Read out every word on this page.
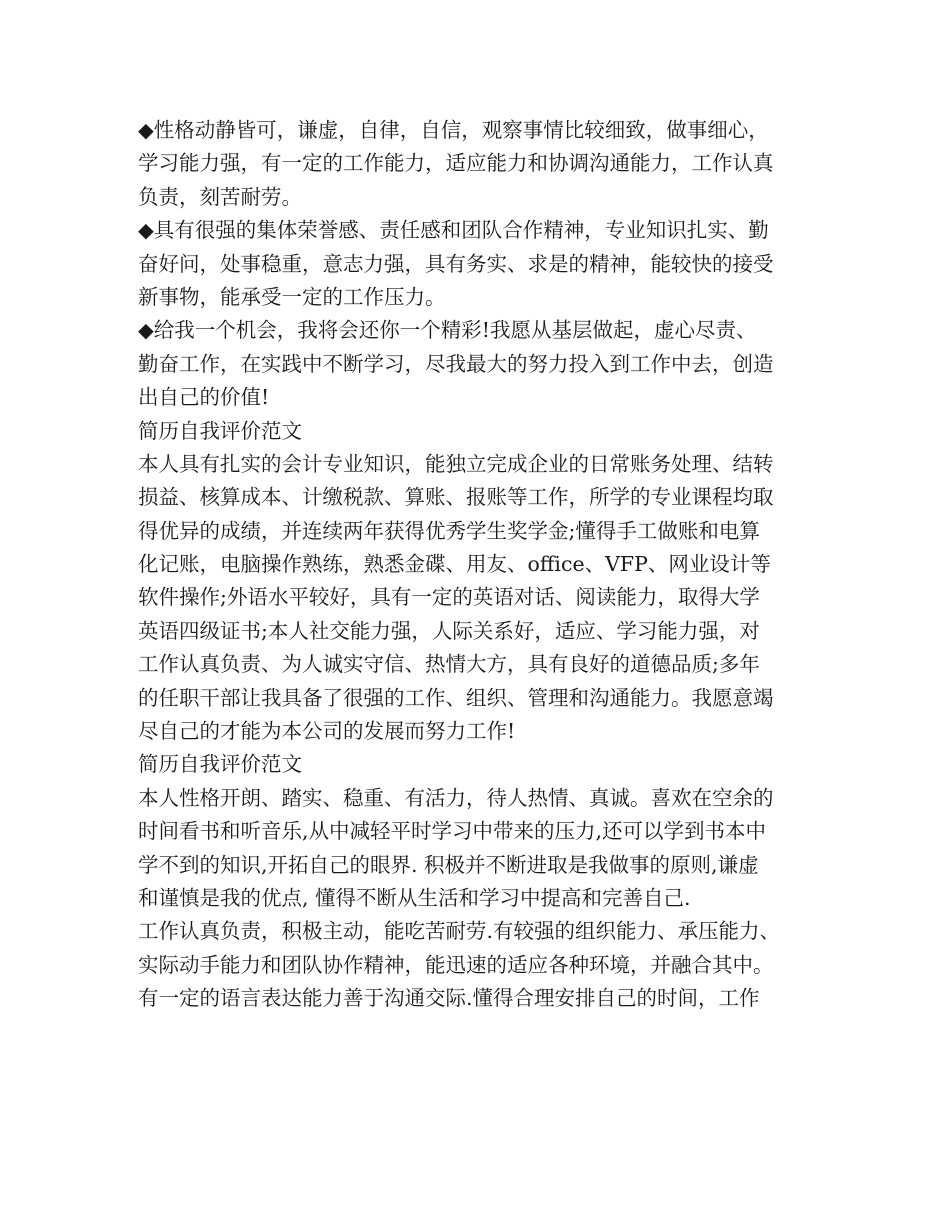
◆性格动静皆可，谦虚，自律，自信，观察事情比较细致，做事细心，
学习能力强，有一定的工作能力，适应能力和协调沟通能力，工作认真
负责，刻苦耐劳。
◆具有很强的集体荣誉感、责任感和团队合作精神，专业知识扎实、勤
奋好问，处事稳重，意志力强，具有务实、求是的精神，能较快的接受
新事物，能承受一定的工作压力。
◆给我一个机会，我将会还你一个精彩!我愿从基层做起，虚心尽责、
勤奋工作，在实践中不断学习，尽我最大的努力投入到工作中去，创造
出自己的价值!
简历自我评价范文
本人具有扎实的会计专业知识，能独立完成企业的日常账务处理、结转
损益、核算成本、计缴税款、算账、报账等工作，所学的专业课程均取
得优异的成绩，并连续两年获得优秀学生奖学金;懂得手工做账和电算
化记账，电脑操作熟练，熟悉金碟、用友、office、VFP、网业设计等
软件操作;外语水平较好，具有一定的英语对话、阅读能力，取得大学
英语四级证书;本人社交能力强，人际关系好，适应、学习能力强，对
工作认真负责、为人诚实守信、热情大方，具有良好的道德品质;多年
的任职干部让我具备了很强的工作、组织、管理和沟通能力。我愿意竭
尽自己的才能为本公司的发展而努力工作!
简历自我评价范文
本人性格开朗、踏实、稳重、有活力，待人热情、真诚。喜欢在空余的
时间看书和听音乐,从中减轻平时学习中带来的压力,还可以学到书本中
学不到的知识,开拓自己的眼界. 积极并不断进取是我做事的原则,谦虚
和谨慎是我的优点, 懂得不断从生活和学习中提高和完善自己.
工作认真负责，积极主动，能吃苦耐劳.有较强的组织能力、承压能力、
实际动手能力和团队协作精神，能迅速的适应各种环境，并融合其中。
有一定的语言表达能力善于沟通交际.懂得合理安排自己的时间，工作
